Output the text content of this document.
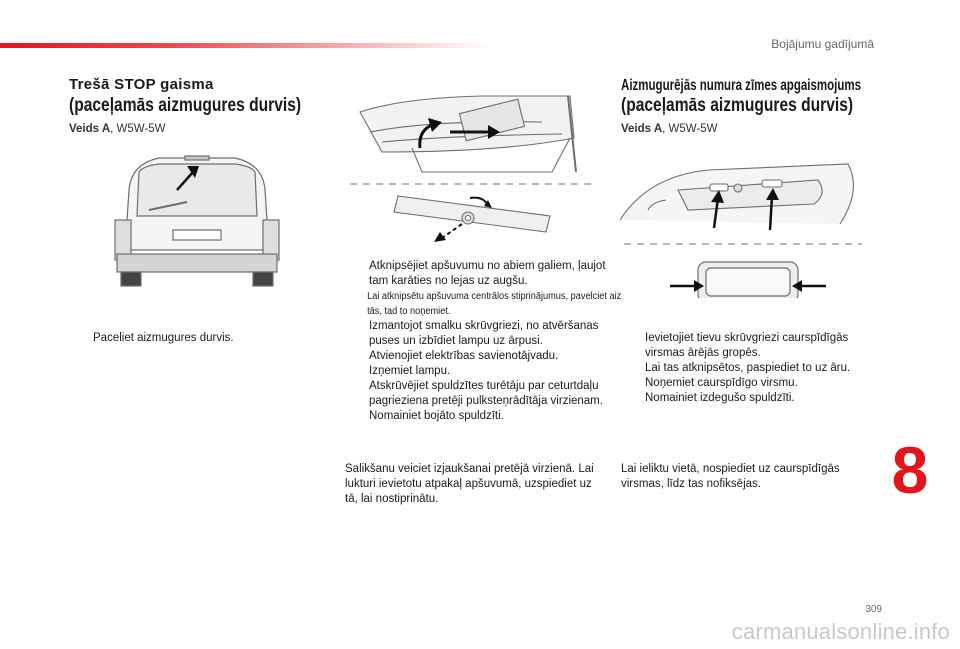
Bojājumu gadījumā
Trešā STOP gaisma
(paceļamās aizmugures durvis)
Veids A, W5W-5W
Paceliet aizmugures durvis.
Atknipsējiet apšuvumu no abiem galiem, ļaujot tam karāties no lejas uz augšu.
Lai atknipsētu apšuvuma centrālos stiprinājumus, pavelciet aiz tās, tad to noņemiet.
Izmantojot smalku skrūvgriezi, no atvēršanas puses un izbīdiet lampu uz ārpusi.
Atvienojiet elektrības savienotājvadu.
Izņemiet lampu.
Atskrūvējiet spuldzītes turētāju par ceturtdaļu pagrieziena pretēji pulksteņrādītāja virzienam.
Nomainiet bojāto spuldzīti.

Salikšanu veiciet izjaukšanai pretējā virzienā. Lai lukturi ievietotu atpakaļ apšuvumā, uzspiediet uz tā, lai nostiprinātu.

Aizmugurējās numura zīmes apgaismojums
(paceļamās aizmugures durvis)
Veids A, W5W-5W
Ievietojiet tievu skrūvgriezi caurspīdīgās virsmas ārējās gropēs.
Lai tas atknipsētos, paspiediet to uz āru.
Noņemiet caurspīdīgo virsmu.
Nomainiet izdegušo spuldzīti.

Lai ieliktu vietā, nospiediet uz caurspīdīgās virsmas, līdz tas nofiksējas.	8
309
carmanualsonline.info
